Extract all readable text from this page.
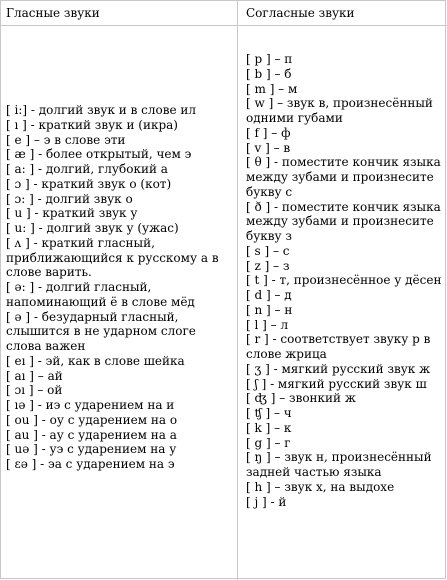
Гласные звуки	Согласные звуки
[ i:] - долгий звук и в слове ил
[ ı ] - краткий звук и (икра)
[ e ] – э в слове эти
[ æ ] - более открытый, чем э
[ a: ] - долгий, глубокий а
[ ɔ ] - краткий звук о (кот)
[ ɔ: ] - долгий звук о
[ u ] - краткий звук у
[ u: ] - долгий звук у (ужас)
[ ʌ ] - краткий гласный,
приближающийся к русскому а в
слове варить.
[ ə: ] - долгий гласный,
напоминающий ё в слове мёд
[ ə ] - безударный гласный,
слышится в не ударном слоге
слова важен
[ eı ] - эй, как в слове шейка
[ aı ] – ай
[ ɔı ] – ой
[ ıə ] - иэ с ударением на и
[ ou ] - оу с ударением на о
[ au ] - ау с ударением на а
[ uə ] - уэ с ударением на у
[ ɛə ] - эа с ударением на э
[ p ] – п
[ b ] – б
[ m ] – м
[ w ] – звук в, произнесённый
одними губами
[ f ] – ф
[ v ] – в
[ θ ] - поместите кончик языка
между зубами и произнесите
букву с
[ ð ] - поместите кончик языка
между зубами и произнесите
букву з
[ s ] – с
[ z ] – з
[ t ] - т, произнесённое у дёсен
[ d ] – д
[ n ] – н
[ l ] – л
[ r ] - соответствует звуку р в
слове жрица
[ ʒ ] - мягкий русский звук ж
[ ʃ ] - мягкий русский звук ш
[ ʤ ] – звонкий ж
[ ʧ ] – ч
[ k ] – к
[ g ] – г
[ ŋ ] – звук н, произнесённый
задней частью языка
[ h ] – звук х, на выдохе
[ j ] - й
